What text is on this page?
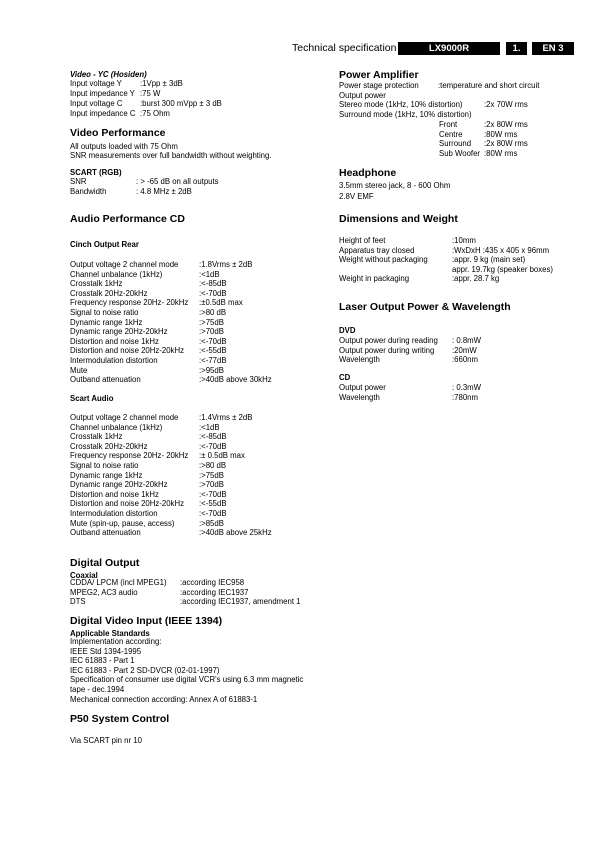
Technical specification	LX9000R	1.	EN 3
Video - YC (Hosiden)
Input voltage Y :1Vpp ± 3dB
Input impedance Y :75 W
Input voltage C :burst 300 mVpp ± 3 dB
Input impedance C :75 Ohm
Video Performance
All outputs loaded with 75 Ohm
SNR measurements over full bandwidth without weighting.
SCART (RGB)
SNR	: > -65 dB on all outputs
Bandwidth	: 4.8 MHz ± 2dB
Audio Performance CD
Cinch Output Rear
Output voltage 2 channel mode	:1.8Vrms ± 2dB
Channel unbalance (1kHz)	:<1dB
Crosstalk 1kHz	:<-85dB
Crosstalk 20Hz-20kHz	:<-70dB
Frequency response 20Hz- 20kHz :±0.5dB max
Signal to noise ratio	:>80 dB
Dynamic range 1kHz	:>75dB
Dynamic range 20Hz-20kHz	:>70dB
Distortion and noise 1kHz	:<-70dB
Distortion and noise 20Hz-20kHz :<-55dB
Intermodulation distortion	:<-77dB
Mute	:>95dB
Outband attenuation	:>40dB above 30kHz
Scart Audio
Output voltage 2 channel mode	:1.4Vrms ± 2dB
Channel unbalance (1kHz)	:<1dB
Crosstalk 1kHz	:<-85dB
Crosstalk 20Hz-20kHz	:<-70dB
Frequency response 20Hz- 20kHz :± 0.5dB max
Signal to noise ratio	:>80 dB
Dynamic range 1kHz	:>75dB
Dynamic range 20Hz-20kHz	:>70dB
Distortion and noise 1kHz	:<-70dB
Distortion and noise 20Hz-20kHz :<-55dB
Intermodulation distortion	:<-70dB
Mute (spin-up, pause, access)	:>85dB
Outband attenuation	:>40dB above 25kHz
Digital Output
Coaxial
CDDA/ LPCM (incl MPEG1) :according IEC958
MPEG2, AC3 audio	:according IEC1937
DTS	:according IEC1937, amendment 1
Digital Video Input (IEEE 1394)
Applicable Standards
Implementation according:
IEEE Std 1394-1995
IEC 61883 - Part 1
IEC 61883 - Part 2 SD-DVCR (02-01-1997)
Specification of consumer use digital VCR's using 6.3 mm magnetic
tape - dec.1994
Mechanical connection according: Annex A of 61883-1
P50 System Control
Via SCART pin nr 10
Power Amplifier
Power stage protection :temperature and short circuit
Output power
Stereo mode (1kHz, 10% distortion)	:2x 70W rms
Surround mode (1kHz, 10% distortion)
Front	:2x 80W rms
Centre	:80W rms
Surround :2x 80W rms
Sub Woofer :80W rms
Headphone
3.5mm stereo jack, 8 - 600 Ohm
2.8V EMF
Dimensions and Weight
Height of feet	:10mm
Apparatus tray closed	:WxDxH :435 x 405 x 96mm
Weight without packaging	:appr. 9 kg (main set)
appr. 19.7kg (speaker boxes)
Weight in packaging	:appr. 28.7 kg
Laser Output Power & Wavelength
DVD
Output power during reading : 0.8mW
Output power during writing :20mW
Wavelength	:660nm
CD
Output power	: 0.3mW
Wavelength	:780nm
